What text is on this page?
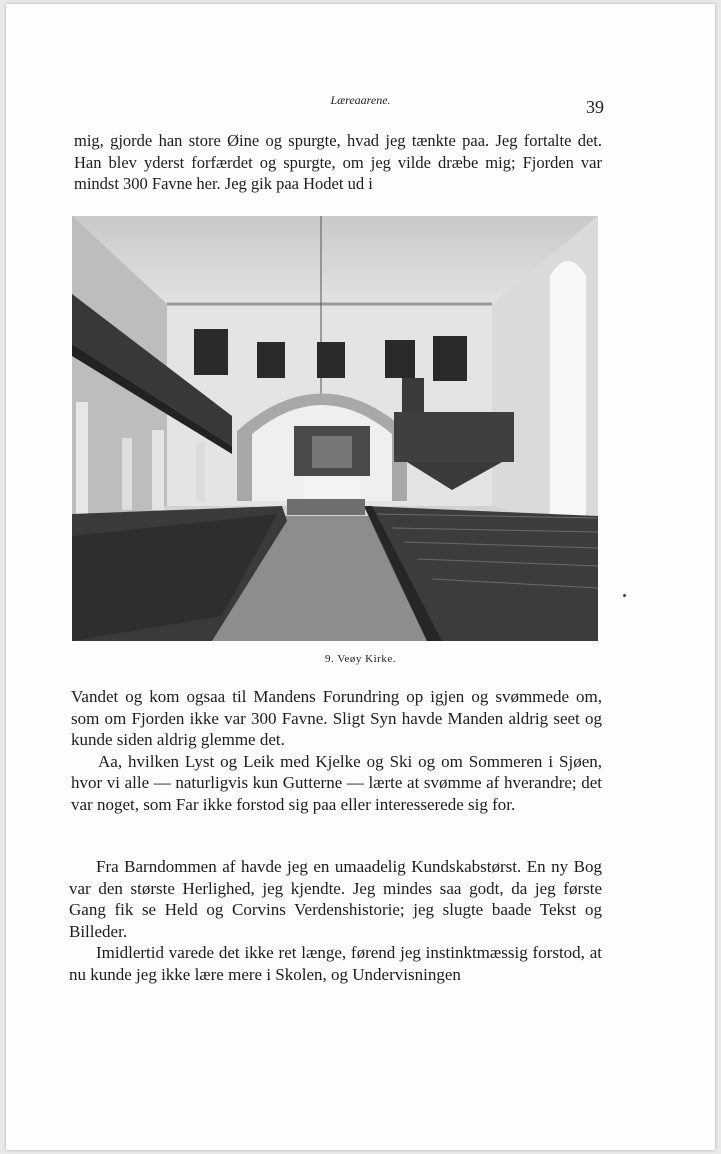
Læreaarene.	39

mig, gjorde han store Øine og spurgte, hvad jeg tænkte paa. Jeg fortalte det. Han blev yderst forfærdet og spurgte, om jeg vilde dræbe mig; Fjorden var mindst 300 Favne her. Jeg gik paa Hodet ud i

9. Veøy Kirke.

Vandet og kom ogsaa til Mandens Forundring op igjen og svømmede om, som om Fjorden ikke var 300 Favne. Sligt Syn havde Manden aldrig seet og kunde siden aldrig glemme det.

Aa, hvilken Lyst og Leik med Kjelke og Ski og om Sommeren i Sjøen, hvor vi alle — naturligvis kun Gutterne — lærte at svømme af hverandre; det var noget, som Far ikke forstod sig paa eller interesserede sig for.

Fra Barndommen af havde jeg en umaadelig Kundskabstørst. En ny Bog var den største Herlighed, jeg kjendte. Jeg mindes saa godt, da jeg første Gang fik se Held og Corvins Verdenshistorie; jeg slugte baade Tekst og Billeder.

Imidlertid varede det ikke ret længe, førend jeg instinktmæssig forstod, at nu kunde jeg ikke lære mere i Skolen, og Undervisningen
